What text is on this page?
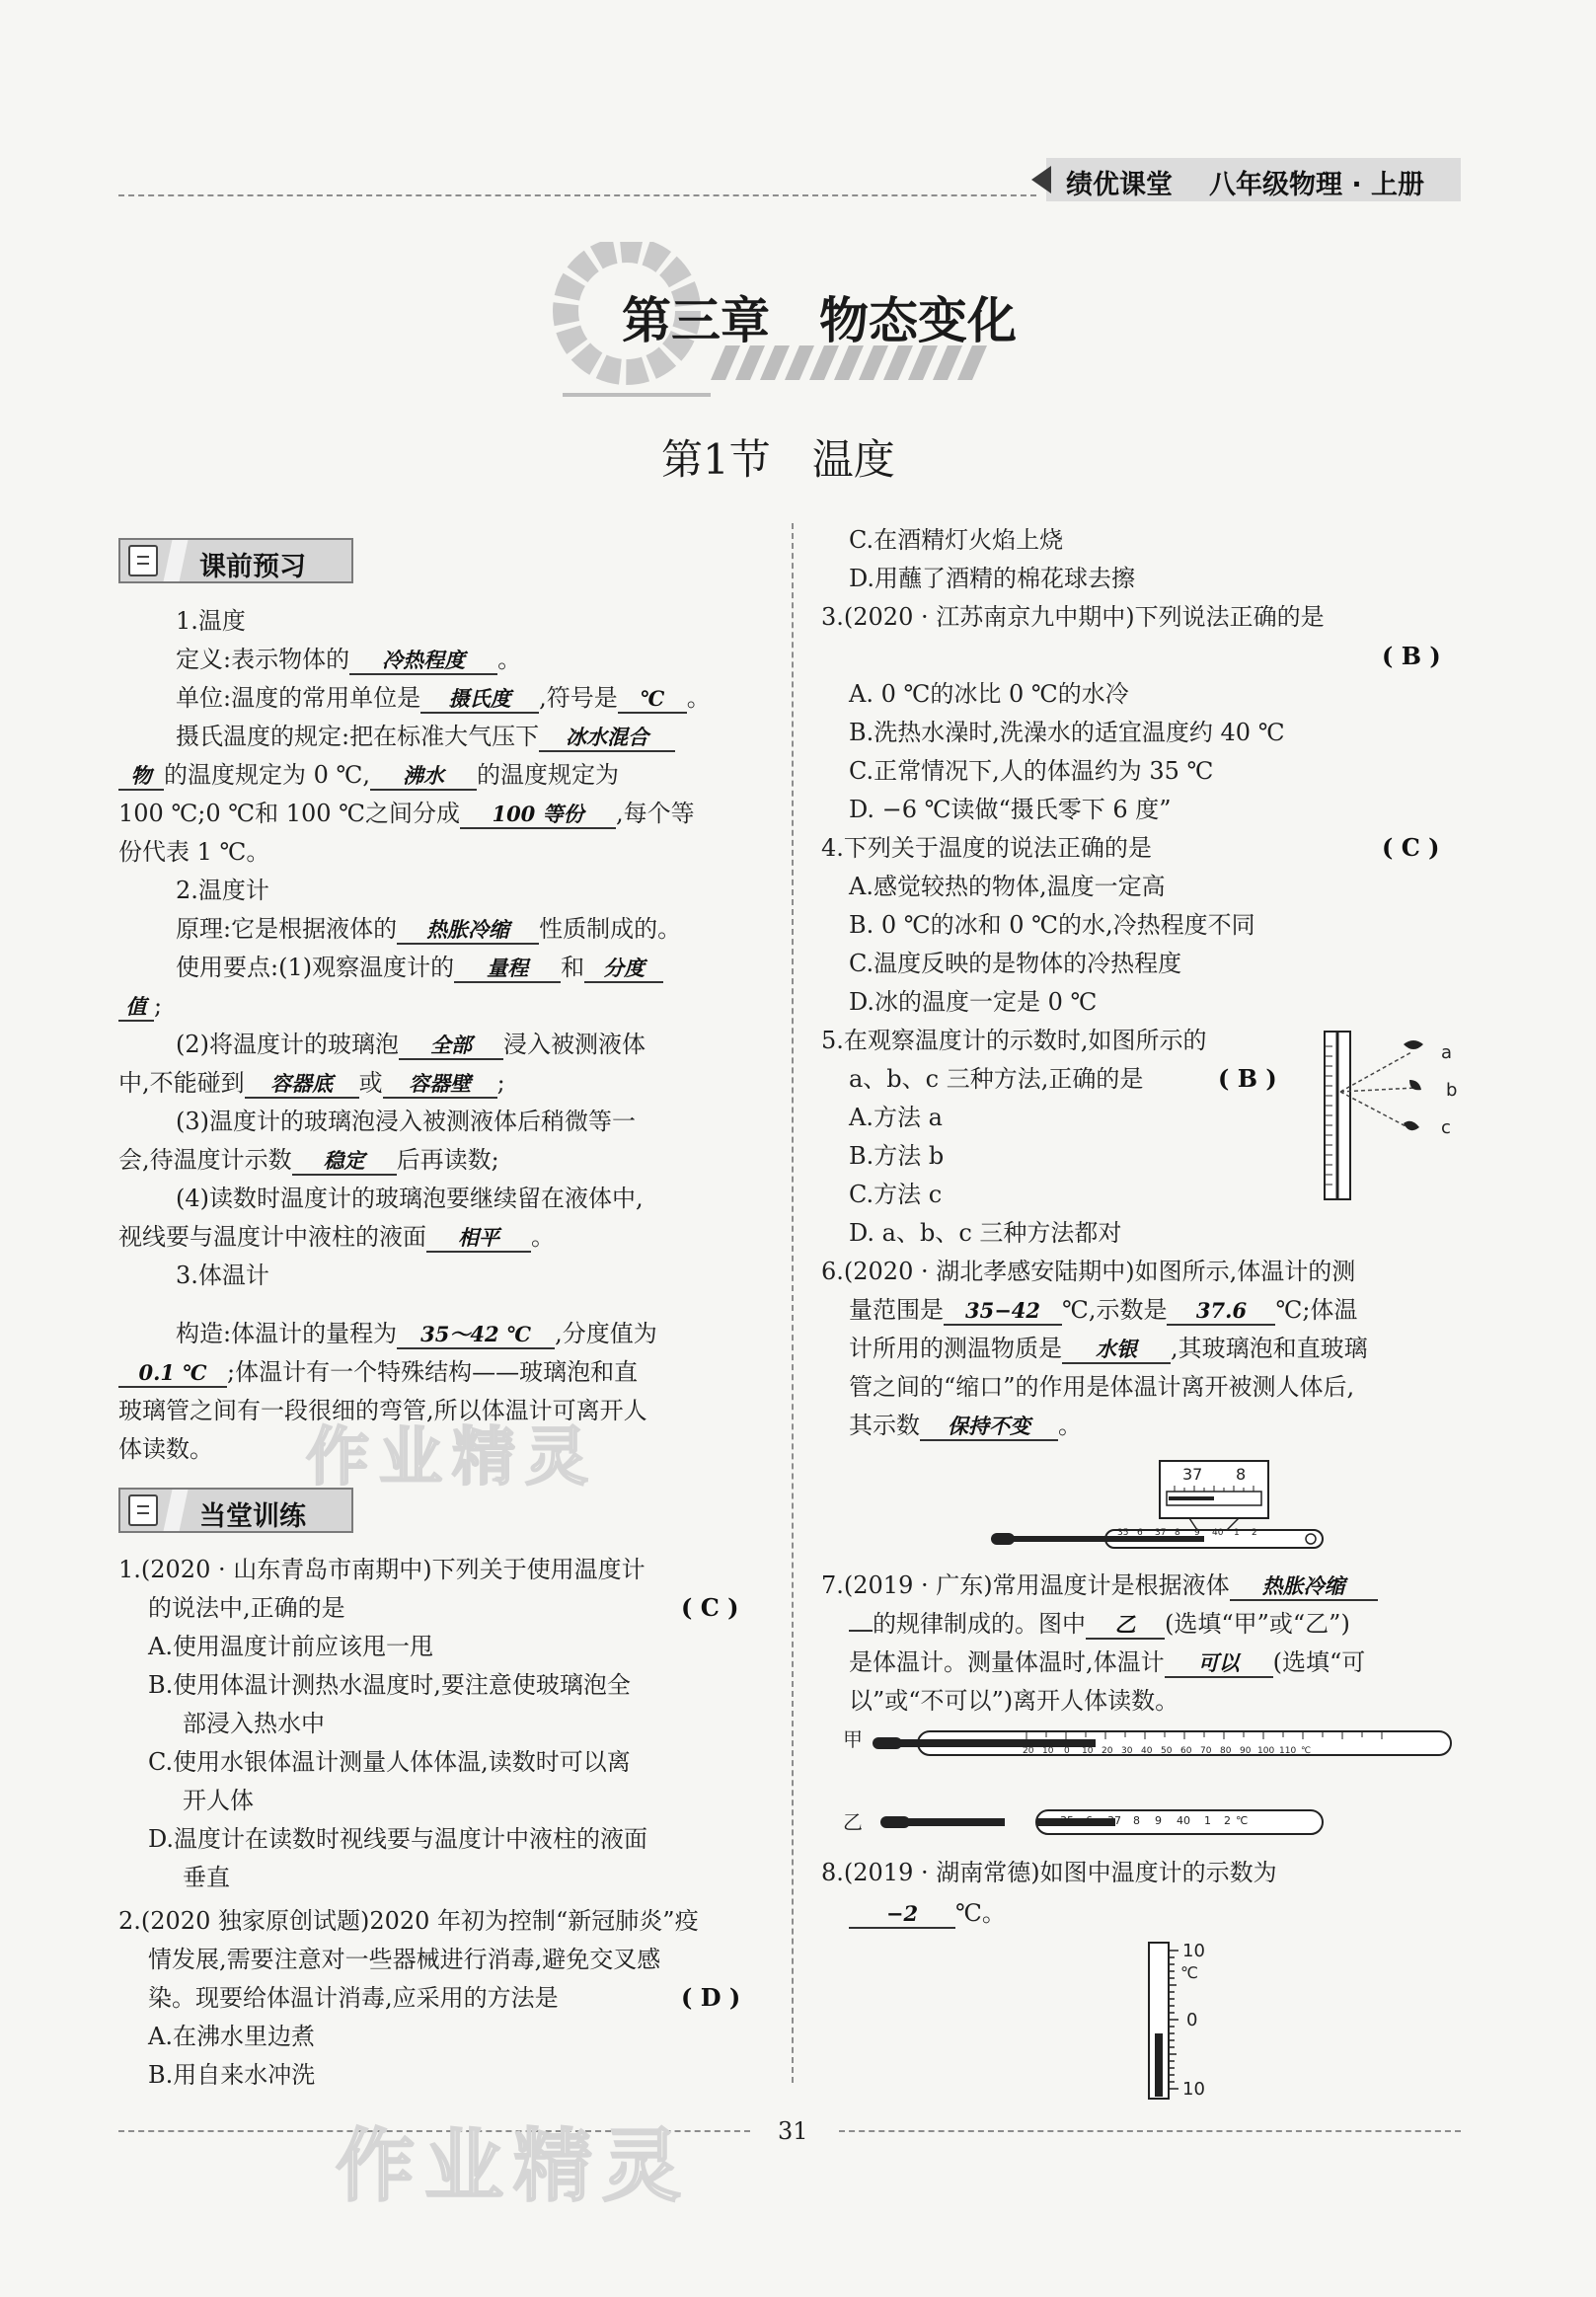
绩优课堂 八年级物理 · 上册
第三章　物态变化
第1节　温度
课前预习
1.温度
定义:表示物体的 冷热程度 。
单位:温度的常用单位是 摄氏度 ,符号是 ℃ 。
摄氏温度的规定:把在标准大气压下 冰水混合
物 的温度规定为 0 ℃, 沸水 的温度规定为
100 ℃;0 ℃和 100 ℃之间分成 100 等份 ,每个等
份代表 1 ℃。
2.温度计
原理:它是根据液体的 热胀冷缩 性质制成的。
使用要点:(1)观察温度计的 量程 和 分度
值 ;
(2)将温度计的玻璃泡 全部 浸入被测液体
中,不能碰到 容器底 或 容器壁 ;
(3)温度计的玻璃泡浸入被测液体后稍微等一
会,待温度计示数 稳定 后再读数;
(4)读数时温度计的玻璃泡要继续留在液体中,
视线要与温度计中液柱的液面 相平 。
3.体温计
构造:体温计的量程为 35～42 ℃ ,分度值为
0.1 ℃ ;体温计有一个特殊结构——玻璃泡和直
玻璃管之间有一段很细的弯管,所以体温计可离开人
体读数。
当堂训练
1.(2020 · 山东青岛市南期中)下列关于使用温度计
的说法中,正确的是	( C )
A.使用温度计前应该甩一甩
B.使用体温计测热水温度时,要注意使玻璃泡全
部浸入热水中
C.使用水银体温计测量人体体温,读数时可以离
开人体
D.温度计在读数时视线要与温度计中液柱的液面
垂直
2.(2020 独家原创试题)2020 年初为控制“新冠肺炎”疫
情发展,需要注意对一些器械进行消毒,避免交叉感
染。现要给体温计消毒,应采用的方法是	( D )
A.在沸水里边煮
B.用自来水冲洗
C.在酒精灯火焰上烧
D.用蘸了酒精的棉花球去擦
3.(2020 · 江苏南京九中期中)下列说法正确的是
( B )
A. 0 ℃的冰比 0 ℃的水冷
B.洗热水澡时,洗澡水的适宜温度约 40 ℃
C.正常情况下,人的体温约为 35 ℃
D. −6 ℃读做“摄氏零下 6 度”
4.下列关于温度的说法正确的是	( C )
A.感觉较热的物体,温度一定高
B. 0 ℃的冰和 0 ℃的水,冷热程度不同
C.温度反映的是物体的冷热程度
D.冰的温度一定是 0 ℃
5.在观察温度计的示数时,如图所示的
a、b、c 三种方法,正确的是	( B )
A.方法 a
B.方法 b
C.方法 c
D. a、b、c 三种方法都对
a
b
c
6.(2020 · 湖北孝感安陆期中)如图所示,体温计的测
量范围是 35−42 ℃,示数是 37.6 ℃;体温
计所用的测温物质是 水银 ,其玻璃泡和直玻璃
管之间的“缩口”的作用是体温计离开被测人体后,
其示数 保持不变 。
37 8
35 6 37 8 9 40 1 2
7.(2019 · 广东)常用温度计是根据液体 热胀冷缩
的规律制成的。图中 乙 (选填“甲”或“乙”)
是体温计。测量体温时,体温计 可以 (选填“可
以”或“不可以”)离开人体读数。
甲	20 10 0 10 20 30 40 50 60 70 80 90 100 110 ℃
乙	35 6 37 8 9 40 1 2 ℃
8.(2019 · 湖南常德)如图中温度计的示数为
−2 ℃。
10
℃
0
10
31
作业精灵
作业精灵
